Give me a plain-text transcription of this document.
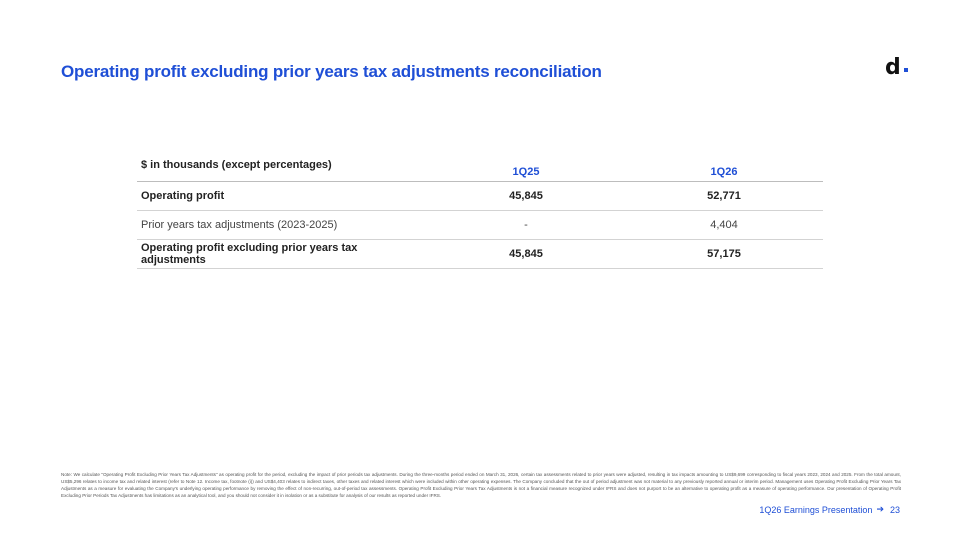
Operating profit excluding prior years tax adjustments reconciliation	d
$ in thousands (except percentages)	1Q25	1Q26
Operating profit	45,845	52,771
Prior years tax adjustments (2023-2025)	-	4,404
Operating profit excluding prior years tax adjustments	45,845	57,175
Note: We calculate "Operating Profit Excluding Prior Years Tax Adjustments" as operating profit for the period, excluding the impact of prior periods tax adjustments. During the three-months period ended on March 31, 2026, certain tax assessments related to prior years were adjusted, resulting in tax impacts amounting to US$9,699 corresponding to fiscal years 2023, 2024 and 2025. From the total amount, US$5,296 relates to income tax and related interest (refer to Note 12. Income tax, footnote (i)) and US$4,403 relates to indirect taxes, other taxes and related interest which were included within other operating expenses. The Company concluded that the out of period adjustment was not material to any previously reported annual or interim period. Management uses Operating Profit Excluding Prior Years Tax Adjustments as a measure for evaluating the Company's underlying operating performance by removing the effect of non-recurring, out-of-period tax assessments. Operating Profit Excluding Prior Years Tax Adjustments is not a financial measure recognized under IFRS and does not purport to be an alternative to operating profit as a measure of operating performance. Our presentation of Operating Profit Excluding Prior Periods Tax Adjustments has limitations as an analytical tool, and you should not consider it in isolation or as a substitute for analysis of our results as reported under IFRS.
1Q26 Earnings Presentation ➔ 23
